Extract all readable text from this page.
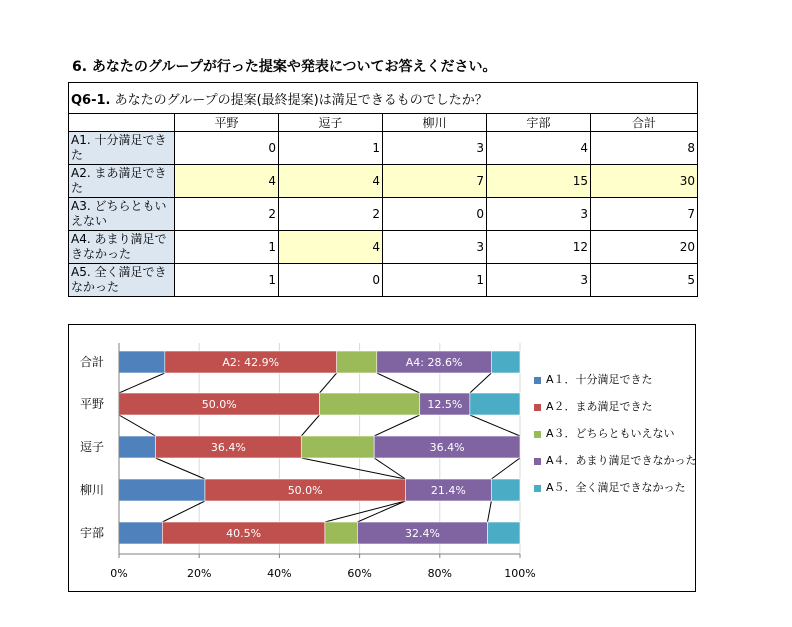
6. あなたのグループが行った提案や発表についてお答えください。
Q6-1. あなたのグループの提案(最終提案)は満足できるものでしたか？					
	平野	逗子	柳川	宇部	合計
A1. 十分満足できた	0	1	3	4	8
A2. まあ満足できた	4	4	7	15	30
A3. どちらともいえない	2	2	0	3	7
A4. あまり満足できなかった	1	4	3	12	20
A5. 全く満足できなかった	1	0	1	3	5
合計
平野
逗子
柳川
宇部
A2: 42.9%	A4: 28.6%
50.0%	12.5%
36.4%	36.4%
50.0%	21.4%
40.5%	32.4%
0%	20%	40%	60%	80%	100%
A１．十分満足できた
A２．まあ満足できた
A３．どちらともいえない
A４．あまり満足できなかった
A５．全く満足できなかった
